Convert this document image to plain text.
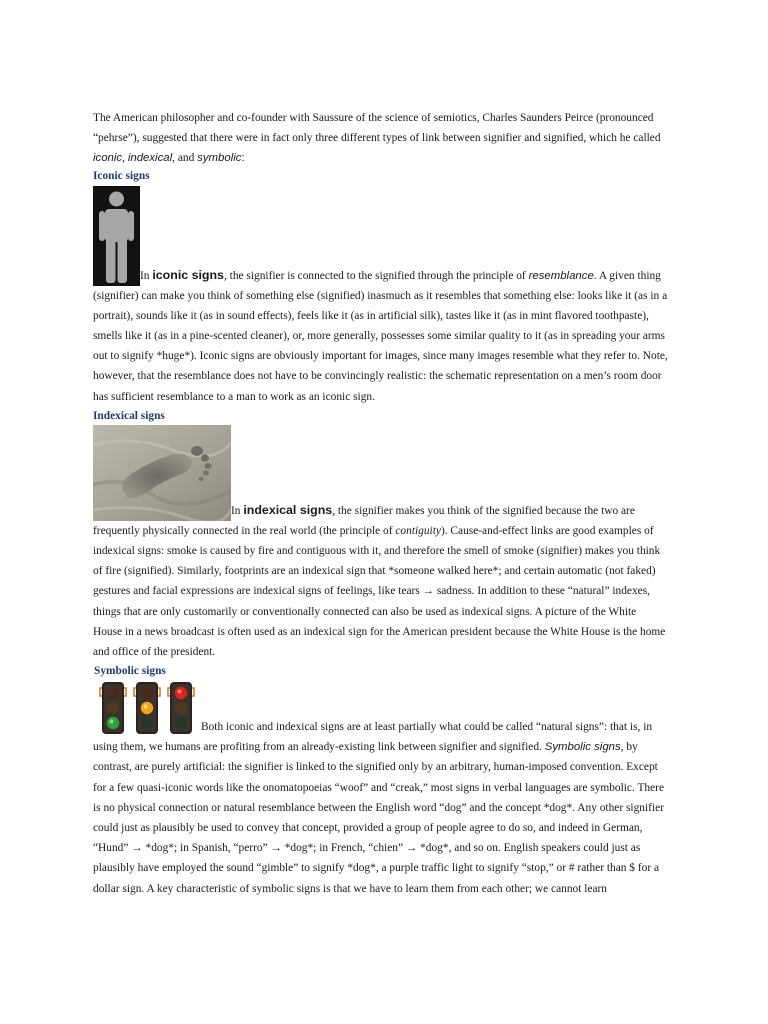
The American philosopher and co-founder with Saussure of the science of semiotics, Charles Saunders Peirce (pronounced “pehrse”), suggested that there were in fact only three different types of link between signifier and signified, which he called iconic, indexical, and symbolic:

Iconic signs

In iconic signs, the signifier is connected to the signified through the principle of resemblance. A given thing (signifier) can make you think of something else (signified) inasmuch as it resembles that something else: looks like it (as in a portrait), sounds like it (as in sound effects), feels like it (as in artificial silk), tastes like it (as in mint flavored toothpaste), smells like it (as in a pine-scented cleaner), or, more generally, possesses some similar quality to it (as in spreading your arms out to signify *huge*). Iconic signs are obviously important for images, since many images resemble what they refer to. Note, however, that the resemblance does not have to be convincingly realistic: the schematic representation on a men’s room door has sufficient resemblance to a man to work as an iconic sign.

Indexical signs

In indexical signs, the signifier makes you think of the signified because the two are frequently physically connected in the real world (the principle of contiguity). Cause-and-effect links are good examples of indexical signs: smoke is caused by fire and contiguous with it, and therefore the smell of smoke (signifier) makes you think of fire (signified). Similarly, footprints are an indexical sign that *someone walked here*; and certain automatic (not faked) gestures and facial expressions are indexical signs of feelings, like tears → sadness. In addition to these “natural” indexes, things that are only customarily or conventionally connected can also be used as indexical signs. A picture of the White House in a news broadcast is often used as an indexical sign for the American president because the White House is the home and office of the president.

Symbolic signs

Both iconic and indexical signs are at least partially what could be called “natural signs”: that is, in using them, we humans are profiting from an already-existing link between signifier and signified. Symbolic signs, by contrast, are purely artificial: the signifier is linked to the signified only by an arbitrary, human-imposed convention. Except for a few quasi-iconic words like the onomatopoeias “woof” and “creak,” most signs in verbal languages are symbolic. There is no physical connection or natural resemblance between the English word “dog” and the concept *dog*. Any other signifier could just as plausibly be used to convey that concept, provided a group of people agree to do so, and indeed in German, “Hund” → *dog*; in Spanish, “perro” → *dog*; in French, “chien” → *dog*, and so on. English speakers could just as plausibly have employed the sound “gimble” to signify *dog*, a purple traffic light to signify “stop,” or # rather than $ for a dollar sign. A key characteristic of symbolic signs is that we have to learn them from each other; we cannot learn
